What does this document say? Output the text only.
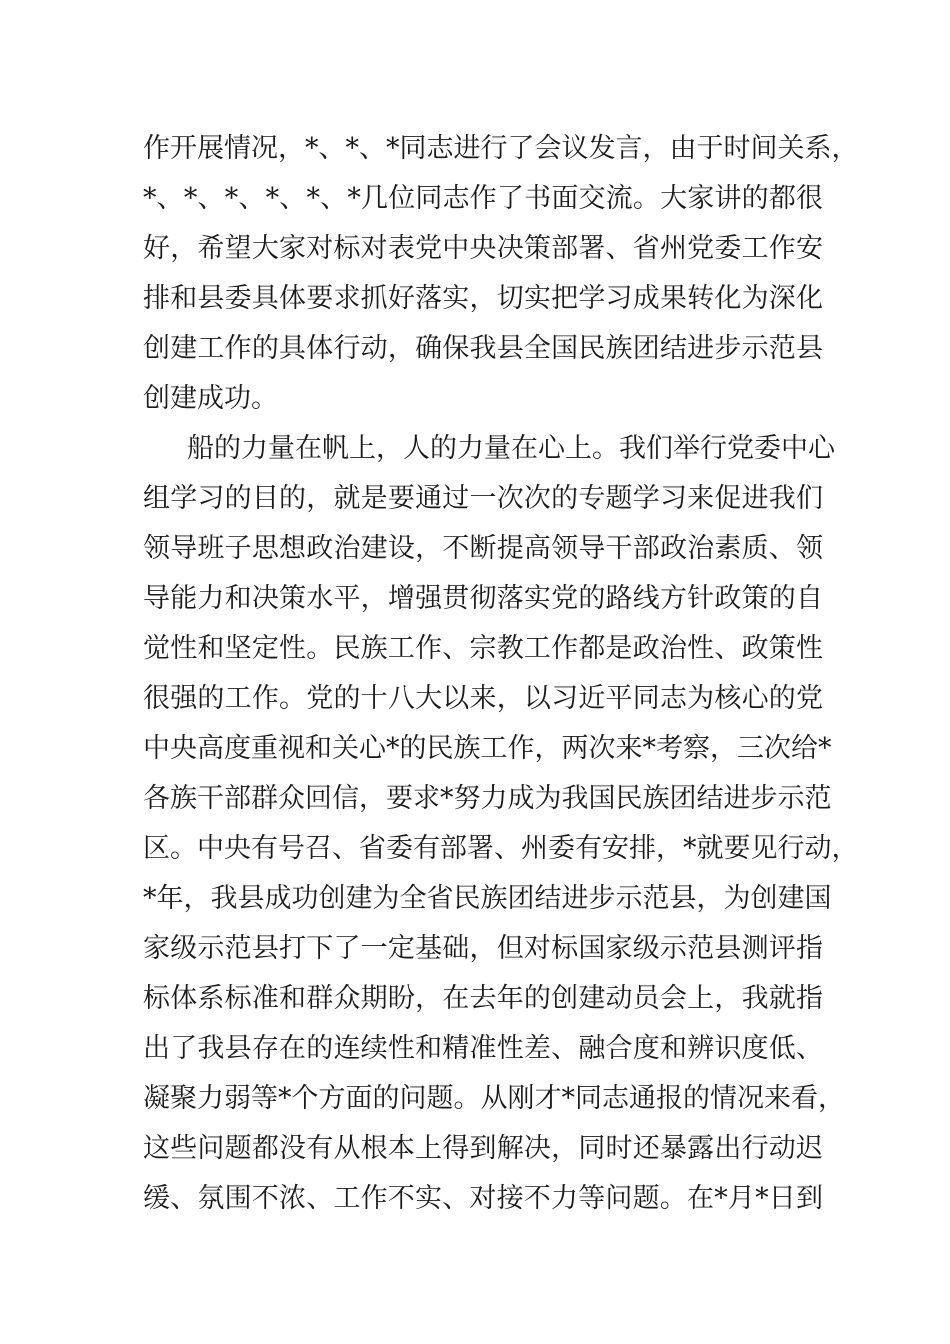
作开展情况，*、*、*同志进行了会议发言，由于时间关系，
*、*、*、*、*、*几位同志作了书面交流。大家讲的都很
好，希望大家对标对表党中央决策部署、省州党委工作安
排和县委具体要求抓好落实，切实把学习成果转化为深化
创建工作的具体行动，确保我县全国民族团结进步示范县
创建成功。
船的力量在帆上，人的力量在心上。我们举行党委中心
组学习的目的，就是要通过一次次的专题学习来促进我们
领导班子思想政治建设，不断提高领导干部政治素质、领
导能力和决策水平，增强贯彻落实党的路线方针政策的自
觉性和坚定性。民族工作、宗教工作都是政治性、政策性
很强的工作。党的十八大以来，以习近平同志为核心的党
中央高度重视和关心*的民族工作，两次来*考察，三次给*
各族干部群众回信，要求*努力成为我国民族团结进步示范
区。中央有号召、省委有部署、州委有安排，*就要见行动，
*年，我县成功创建为全省民族团结进步示范县，为创建国
家级示范县打下了一定基础，但对标国家级示范县测评指
标体系标准和群众期盼，在去年的创建动员会上，我就指
出了我县存在的连续性和精准性差、融合度和辨识度低、
凝聚力弱等*个方面的问题。从刚才*同志通报的情况来看，
这些问题都没有从根本上得到解决，同时还暴露出行动迟
缓、氛围不浓、工作不实、对接不力等问题。在*月*日到
